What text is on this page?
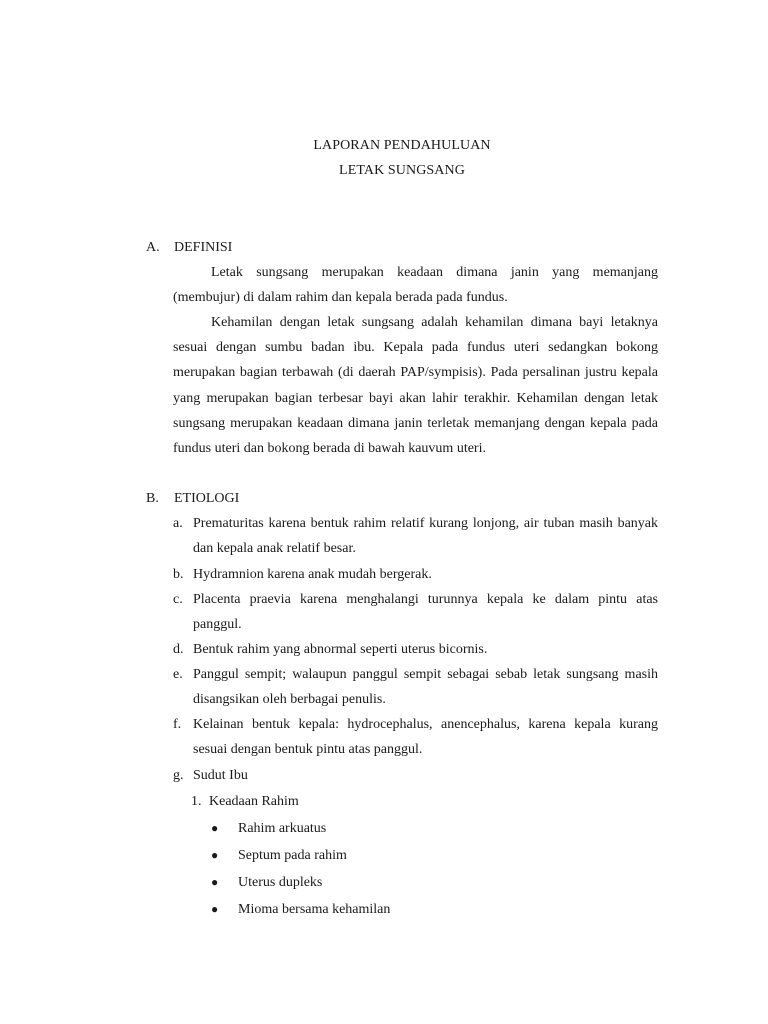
LAPORAN PENDAHULUAN
LETAK SUNGSANG
A. DEFINISI
Letak sungsang merupakan keadaan dimana janin yang memanjang (membujur) di dalam rahim dan kepala berada pada fundus.
Kehamilan dengan letak sungsang adalah kehamilan dimana bayi letaknya sesuai dengan sumbu badan ibu. Kepala pada fundus uteri sedangkan bokong merupakan bagian terbawah (di daerah PAP/sympisis). Pada persalinan justru kepala yang merupakan bagian terbesar bayi akan lahir terakhir. Kehamilan dengan letak sungsang merupakan keadaan dimana janin terletak memanjang dengan kepala pada fundus uteri dan bokong berada di bawah kauvum uteri.
B. ETIOLOGI
a. Prematuritas karena bentuk rahim relatif kurang lonjong, air tuban masih banyak dan kepala anak relatif besar.
b. Hydramnion karena anak mudah bergerak.
c. Placenta praevia karena menghalangi turunnya kepala ke dalam pintu atas panggul.
d. Bentuk rahim yang abnormal seperti uterus bicornis.
e. Panggul sempit; walaupun panggul sempit sebagai sebab letak sungsang masih disangsikan oleh berbagai penulis.
f. Kelainan bentuk kepala: hydrocephalus, anencephalus, karena kepala kurang sesuai dengan bentuk pintu atas panggul.
g. Sudut Ibu
1. Keadaan Rahim
● Rahim arkuatus
● Septum pada rahim
● Uterus dupleks
● Mioma bersama kehamilan
